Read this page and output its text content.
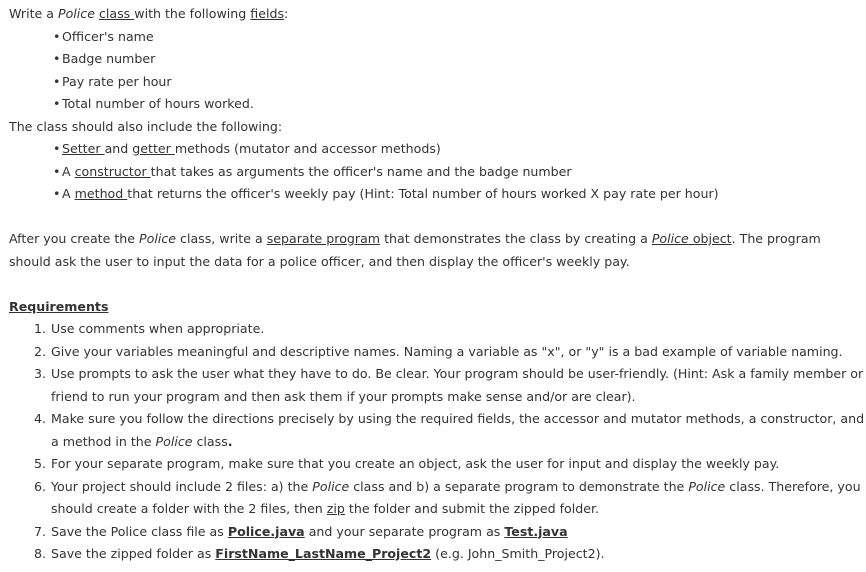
Write a Police class with the following fields:

• Officer's name
• Badge number
• Pay rate per hour
• Total number of hours worked.

The class should also include the following:

• Setter and getter methods (mutator and accessor methods)
• A constructor that takes as arguments the officer's name and the badge number
• A method that returns the officer's weekly pay (Hint: Total number of hours worked X pay rate per hour)

After you create the Police class, write a separate program that demonstrates the class by creating a Police object. The program should ask the user to input the data for a police officer, and then display the officer's weekly pay.

Requirements

Use comments when appropriate.
Give your variables meaningful and descriptive names. Naming a variable as "x", or "y" is a bad example of variable naming.
Use prompts to ask the user what they have to do. Be clear. Your program should be user-friendly. (Hint: Ask a family member or friend to run your program and then ask them if your prompts make sense and/or are clear).
Make sure you follow the directions precisely by using the required fields, the accessor and mutator methods, a constructor, and a method in the Police class.
For your separate program, make sure that you create an object, ask the user for input and display the weekly pay.
Your project should include 2 files: a) the Police class and b) a separate program to demonstrate the Police class. Therefore, you should create a folder with the 2 files, then zip the folder and submit the zipped folder.
Save the Police class file as Police.java and your separate program as Test.java
Save the zipped folder as FirstName_LastName_Project2 (e.g. John_Smith_Project2).
